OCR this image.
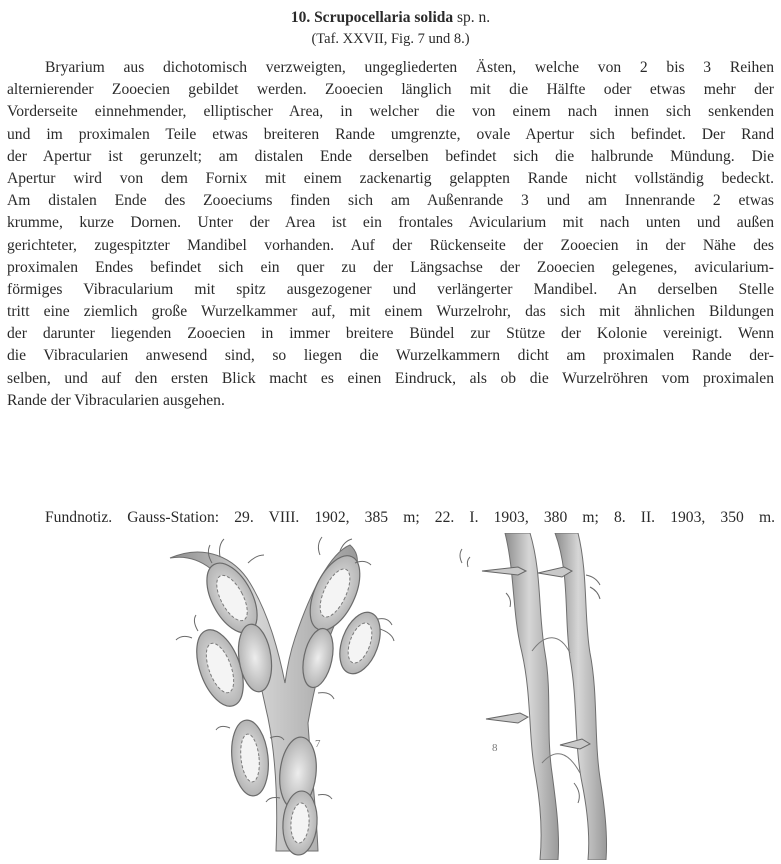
10. Scrupocellaria solida sp. n.
(Taf. XXVII, Fig. 7 und 8.)
Bryarium aus dichotomisch verzweigten, ungegliederten Ästen, welche von 2 bis 3 Reihen
alternierender Zooecien gebildet werden. Zooecien länglich mit die Hälfte oder etwas mehr der
Vorderseite einnehmender, elliptischer Area, in welcher die von einem nach innen sich senkenden
und im proximalen Teile etwas breiteren Rande umgrenzte, ovale Apertur sich befindet. Der Rand
der Apertur ist gerunzelt; am distalen Ende derselben befindet sich die halbrunde Mündung. Die
Apertur wird von dem Fornix mit einem zackenartig gelappten Rande nicht vollständig bedeckt.
Am distalen Ende des Zooeciums finden sich am Außenrande 3 und am Innenrande 2 etwas
krumme, kurze Dornen. Unter der Area ist ein frontales Avicularium mit nach unten und außen
gerichteter, zugespitzter Mandibel vorhanden. Auf der Rückenseite der Zooecien in der Nähe des
proximalen Endes befindet sich ein quer zu der Längsachse der Zooecien gelegenes, avicularium-
förmiges Vibracularium mit spitz ausgezogener und verlängerter Mandibel. An derselben Stelle
tritt eine ziemlich große Wurzelkammer auf, mit einem Wurzelrohr, das sich mit ähnlichen Bildungen
der darunter liegenden Zooecien in immer breitere Bündel zur Stütze der Kolonie vereinigt. Wenn
die Vibracularien anwesend sind, so liegen die Wurzelkammern dicht am proximalen Rande der-
selben, und auf den ersten Blick macht es einen Eindruck, als ob die Wurzelröhren vom proximalen
Rande der Vibracularien ausgehen.
Fundnotiz. Gauss-Station: 29. VIII. 1902, 385 m; 22. I. 1903, 380 m; 8. II. 1903, 350 m.
7	8
